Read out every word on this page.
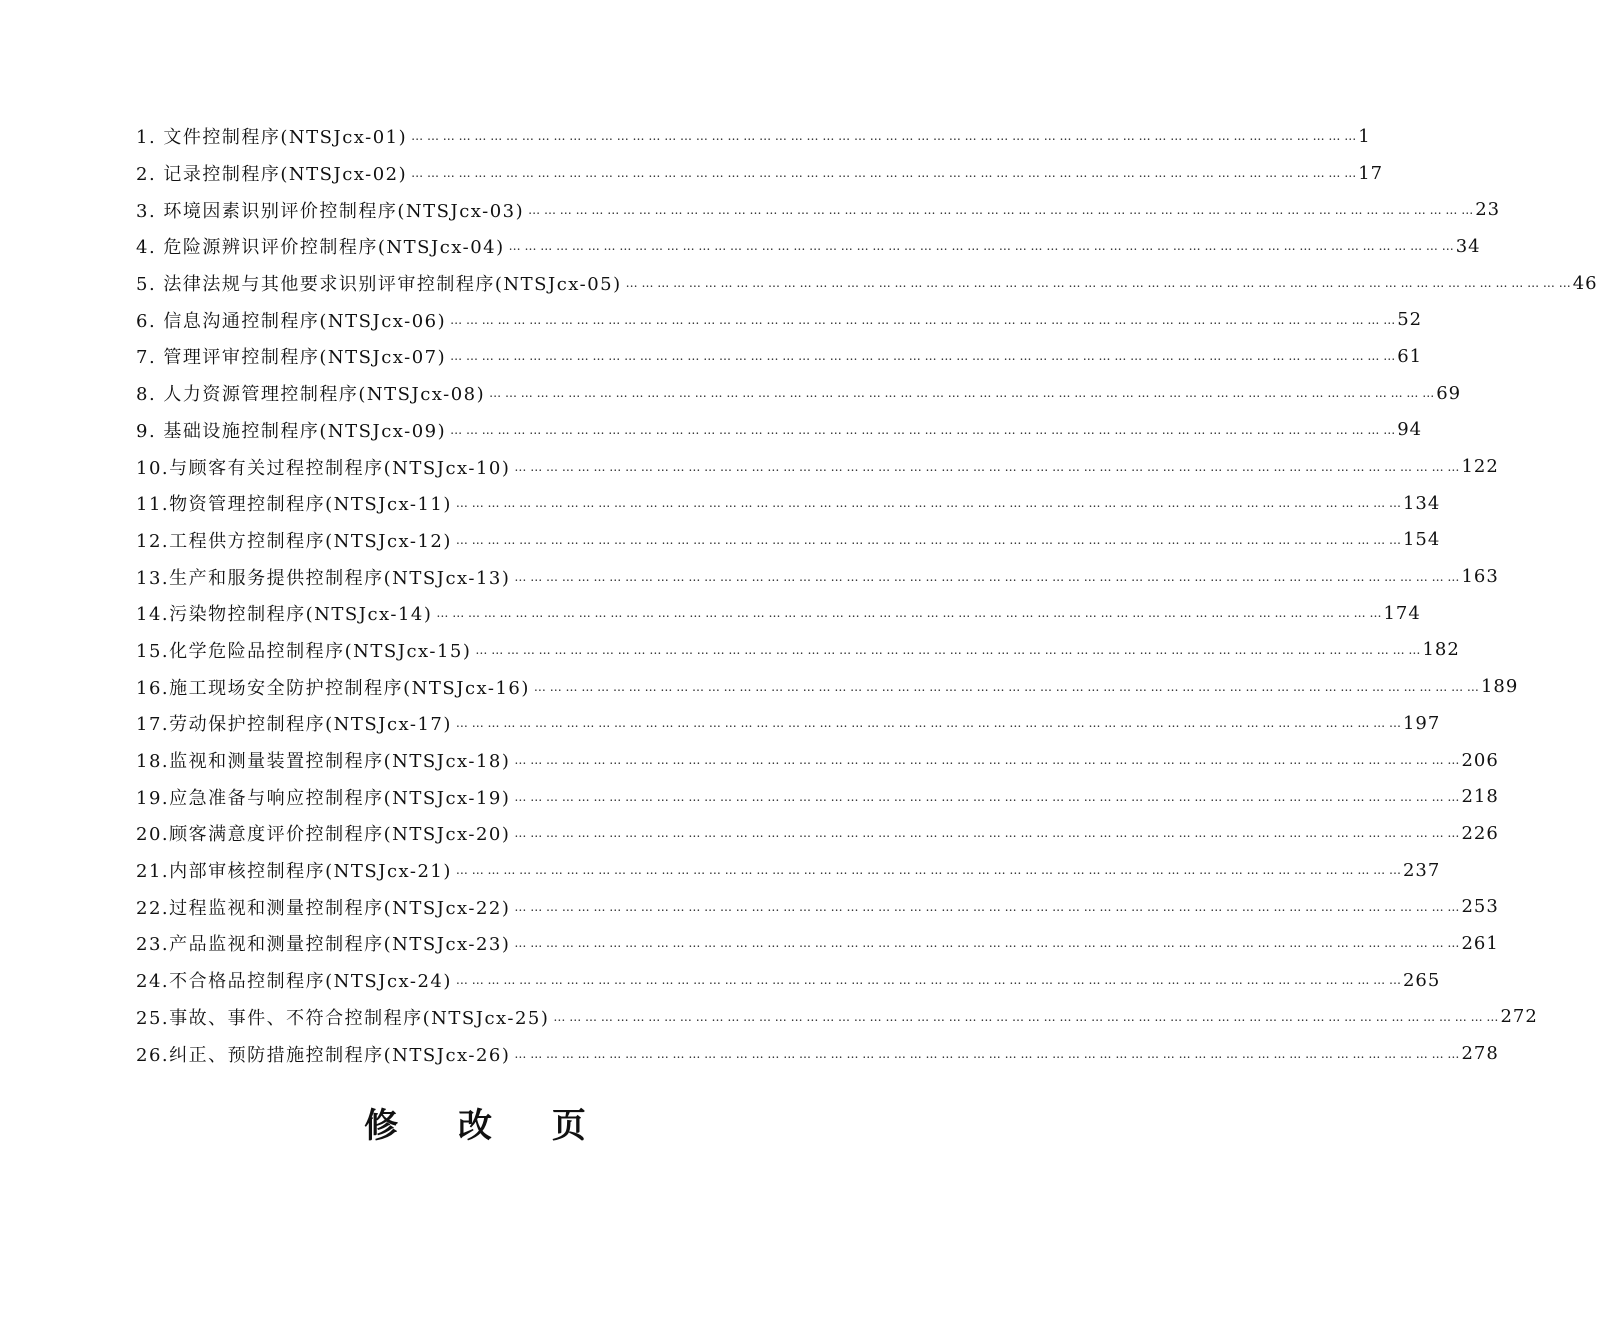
1. 文件控制程序(NTSJcx-01) … … … … … … … … … … … … … … … … … … … … … … … … … … … … … … … … … … … … … … … … … … … … … … … … … … … … … … … … … … … … 1
2. 记录控制程序(NTSJcx-02) … … … … … … … … … … … … … … … … … … … … … … … … … … … … … … … … … … … … … … … … … … … … … … … … … … … … … … … … … … … … 17
3. 环境因素识别评价控制程序(NTSJcx-03) … … … … … … … … … … … … … … … … … … … … … … … … … … … … … … … … … … … … … … … … … … … … … … … … … … … … … … … … … … … … 23
4. 危险源辨识评价控制程序(NTSJcx-04) … … … … … … … … … … … … … … … … … … … … … … … … … … … … … … … … … … … … … … … … … … … … … … … … … … … … … … … … … … … … 34
5. 法律法规与其他要求识别评审控制程序(NTSJcx-05) … … … … … … … … … … … … … … … … … … … … … … … … … … … … … … … … … … … … … … … … … … … … … … … … … … … … … … … … … … … … 46
6. 信息沟通控制程序(NTSJcx-06) … … … … … … … … … … … … … … … … … … … … … … … … … … … … … … … … … … … … … … … … … … … … … … … … … … … … … … … … … … … … 52
7. 管理评审控制程序(NTSJcx-07) … … … … … … … … … … … … … … … … … … … … … … … … … … … … … … … … … … … … … … … … … … … … … … … … … … … … … … … … … … … … 61
8. 人力资源管理控制程序(NTSJcx-08) … … … … … … … … … … … … … … … … … … … … … … … … … … … … … … … … … … … … … … … … … … … … … … … … … … … … … … … … … … … … 69
9. 基础设施控制程序(NTSJcx-09) … … … … … … … … … … … … … … … … … … … … … … … … … … … … … … … … … … … … … … … … … … … … … … … … … … … … … … … … … … … … 94
10.与顾客有关过程控制程序(NTSJcx-10) … … … … … … … … … … … … … … … … … … … … … … … … … … … … … … … … … … … … … … … … … … … … … … … … … … … … … … … … … … … … 122
11.物资管理控制程序(NTSJcx-11) … … … … … … … … … … … … … … … … … … … … … … … … … … … … … … … … … … … … … … … … … … … … … … … … … … … … … … … … … … … … 134
12.工程供方控制程序(NTSJcx-12) … … … … … … … … … … … … … … … … … … … … … … … … … … … … … … … … … … … … … … … … … … … … … … … … … … … … … … … … … … … … 154
13.生产和服务提供控制程序(NTSJcx-13) … … … … … … … … … … … … … … … … … … … … … … … … … … … … … … … … … … … … … … … … … … … … … … … … … … … … … … … … … … … … 163
14.污染物控制程序(NTSJcx-14) … … … … … … … … … … … … … … … … … … … … … … … … … … … … … … … … … … … … … … … … … … … … … … … … … … … … … … … … … … … … 174
15.化学危险品控制程序(NTSJcx-15) … … … … … … … … … … … … … … … … … … … … … … … … … … … … … … … … … … … … … … … … … … … … … … … … … … … … … … … … … … … … 182
16.施工现场安全防护控制程序(NTSJcx-16) … … … … … … … … … … … … … … … … … … … … … … … … … … … … … … … … … … … … … … … … … … … … … … … … … … … … … … … … … … … … 189
17.劳动保护控制程序(NTSJcx-17) … … … … … … … … … … … … … … … … … … … … … … … … … … … … … … … … … … … … … … … … … … … … … … … … … … … … … … … … … … … … 197
18.监视和测量装置控制程序(NTSJcx-18) … … … … … … … … … … … … … … … … … … … … … … … … … … … … … … … … … … … … … … … … … … … … … … … … … … … … … … … … … … … … 206
19.应急准备与响应控制程序(NTSJcx-19) … … … … … … … … … … … … … … … … … … … … … … … … … … … … … … … … … … … … … … … … … … … … … … … … … … … … … … … … … … … … 218
20.顾客满意度评价控制程序(NTSJcx-20) … … … … … … … … … … … … … … … … … … … … … … … … … … … … … … … … … … … … … … … … … … … … … … … … … … … … … … … … … … … … 226
21.内部审核控制程序(NTSJcx-21) … … … … … … … … … … … … … … … … … … … … … … … … … … … … … … … … … … … … … … … … … … … … … … … … … … … … … … … … … … … … 237
22.过程监视和测量控制程序(NTSJcx-22) … … … … … … … … … … … … … … … … … … … … … … … … … … … … … … … … … … … … … … … … … … … … … … … … … … … … … … … … … … … … 253
23.产品监视和测量控制程序(NTSJcx-23) … … … … … … … … … … … … … … … … … … … … … … … … … … … … … … … … … … … … … … … … … … … … … … … … … … … … … … … … … … … … 261
24.不合格品控制程序(NTSJcx-24) … … … … … … … … … … … … … … … … … … … … … … … … … … … … … … … … … … … … … … … … … … … … … … … … … … … … … … … … … … … … 265
25.事故、事件、不符合控制程序(NTSJcx-25) … … … … … … … … … … … … … … … … … … … … … … … … … … … … … … … … … … … … … … … … … … … … … … … … … … … … … … … … … … … … 272
26.纠正、预防措施控制程序(NTSJcx-26) … … … … … … … … … … … … … … … … … … … … … … … … … … … … … … … … … … … … … … … … … … … … … … … … … … … … … … … … … … … … 278
修 改 页
